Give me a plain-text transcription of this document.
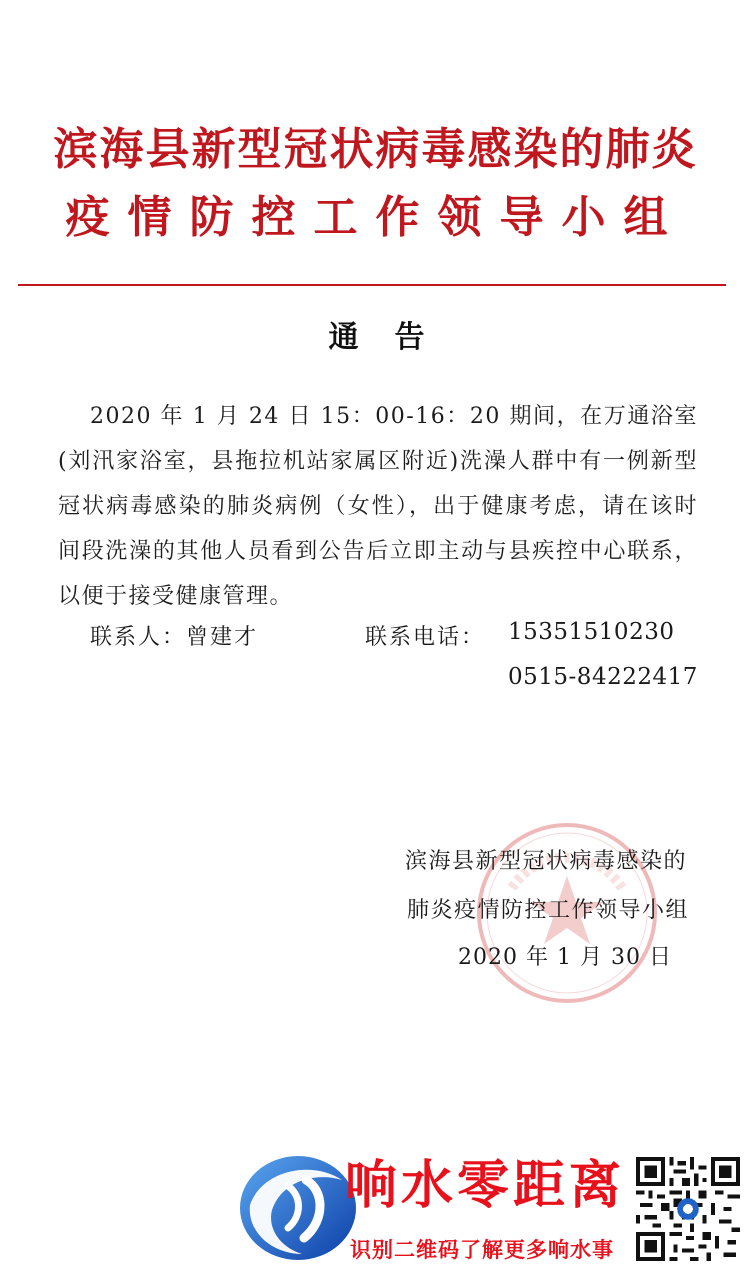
滨海县新型冠状病毒感染的肺炎
疫情防控工作领导小组
通告
2020 年 1 月 24 日 15：00-16：20 期间，在万通浴室(刘汛家浴室，县拖拉机站家属区附近)洗澡人群中有一例新型冠状病毒感染的肺炎病例（女性），出于健康考虑，请在该时间段洗澡的其他人员看到公告后立即主动与县疾控中心联系，以便于接受健康管理。
联系人：曾建才	联系电话： 15351510230
0515-84222417
滨海县新型冠状病毒感染的
肺炎疫情防控工作领导小组
2020 年 1 月 30 日
响水零距离
识别二维码了解更多响水事
